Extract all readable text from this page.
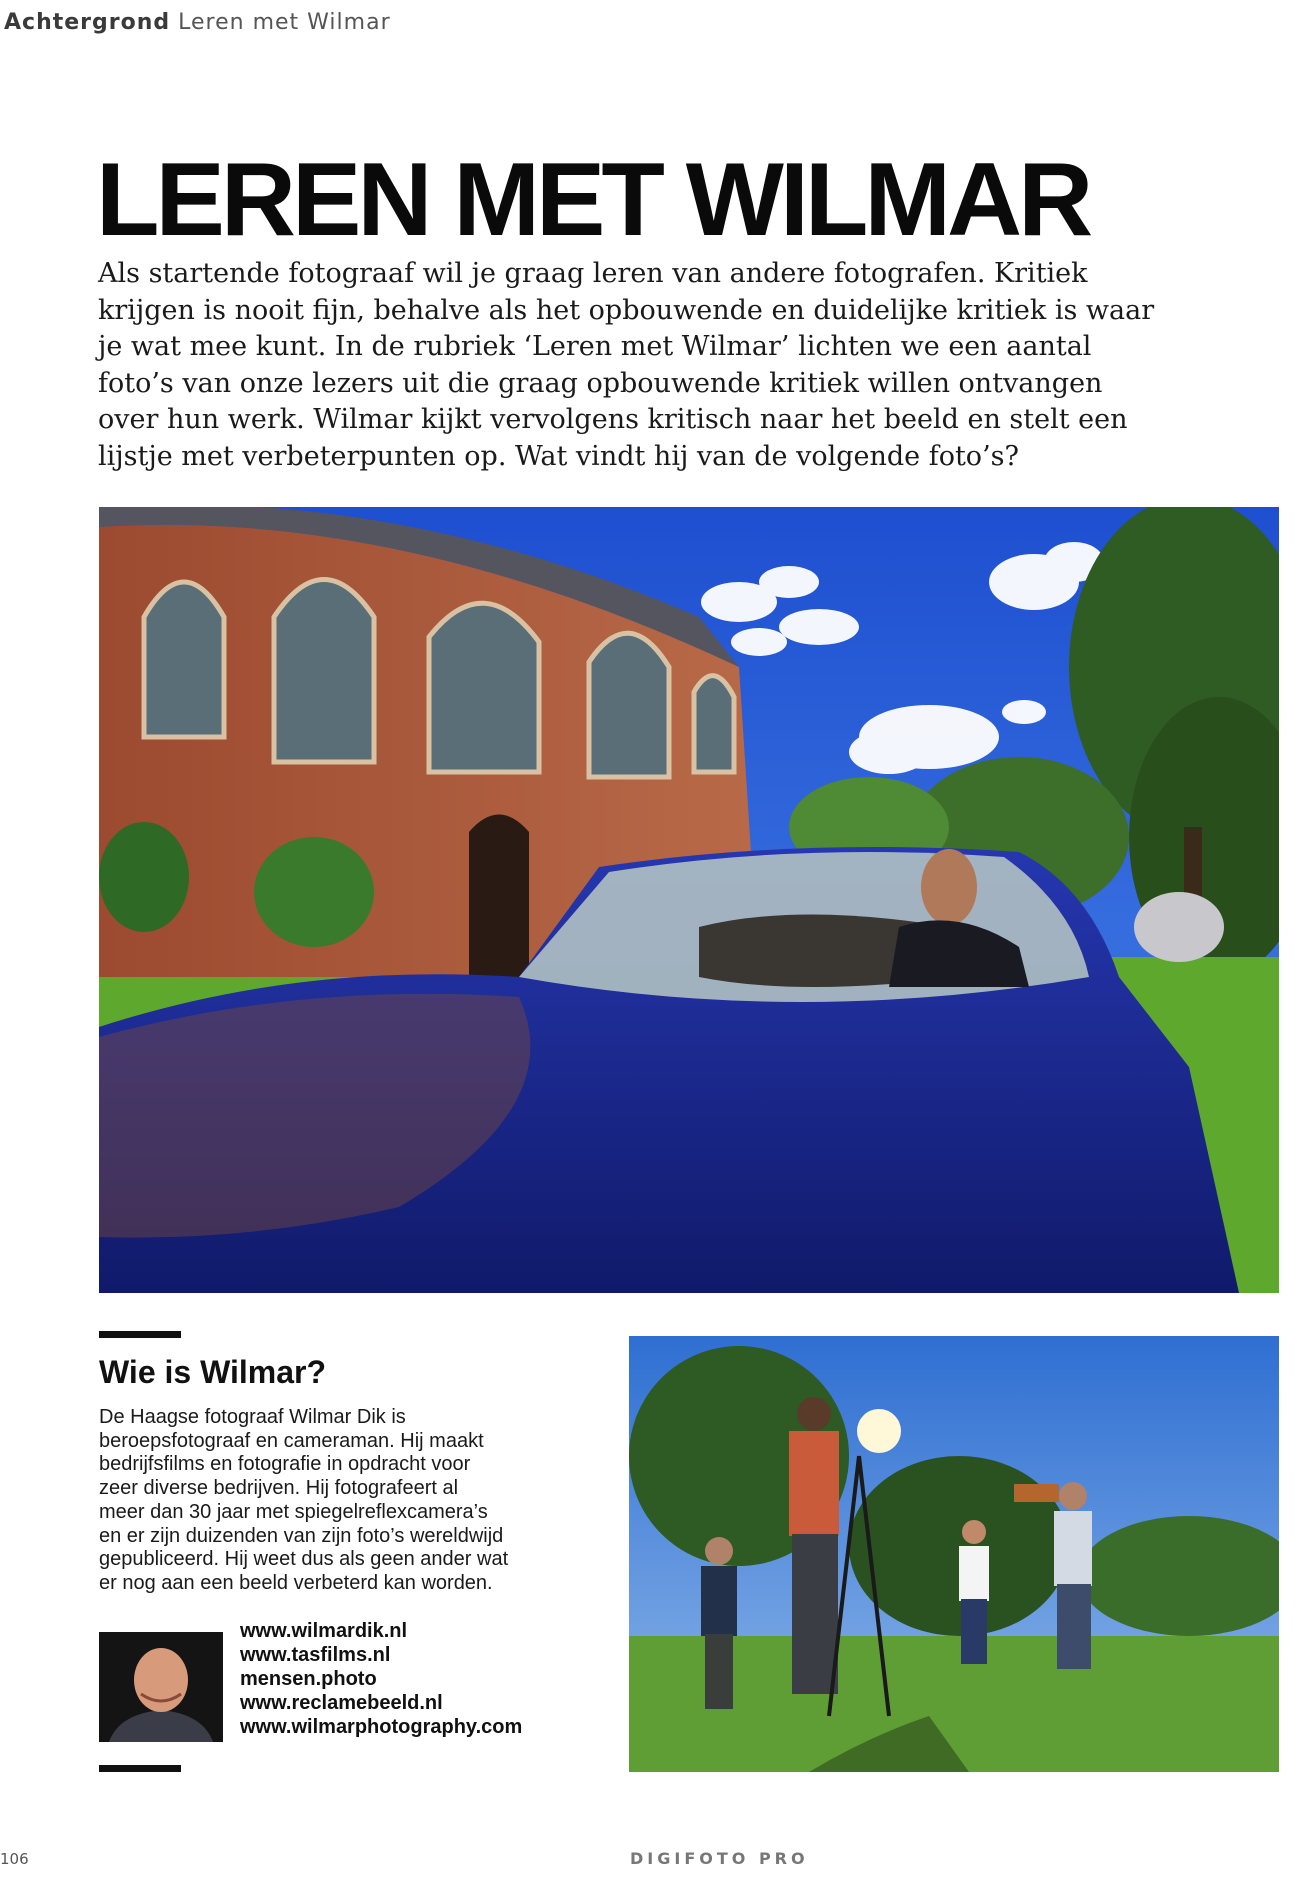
Achtergrond Leren met Wilmar
LEREN MET WILMAR

Als startende fotograaf wil je graag leren van andere fotografen. Kritiek
krijgen is nooit fijn, behalve als het opbouwende en duidelijke kritiek is waar
je wat mee kunt. In de rubriek ‘Leren met Wilmar’ lichten we een aantal
foto’s van onze lezers uit die graag opbouwende kritiek willen ontvangen
over hun werk. Wilmar kijkt vervolgens kritisch naar het beeld en stelt een
lijstje met verbeterpunten op. Wat vindt hij van de volgende foto’s?

Wie is Wilmar?

De Haagse fotograaf Wilmar Dik is
beroepsfotograaf en cameraman. Hij maakt
bedrijfsfilms en fotografie in opdracht voor
zeer diverse bedrijven. Hij fotografeert al
meer dan 30 jaar met spiegelreflexcamera’s
en er zijn duizenden van zijn foto’s wereldwijd
gepubliceerd. Hij weet dus als geen ander wat
er nog aan een beeld verbeterd kan worden.

www.wilmardik.nl
www.tasfilms.nl
mensen.photo
www.reclamebeeld.nl
www.wilmarphotography.com
106	DIGIFOTO PRO
